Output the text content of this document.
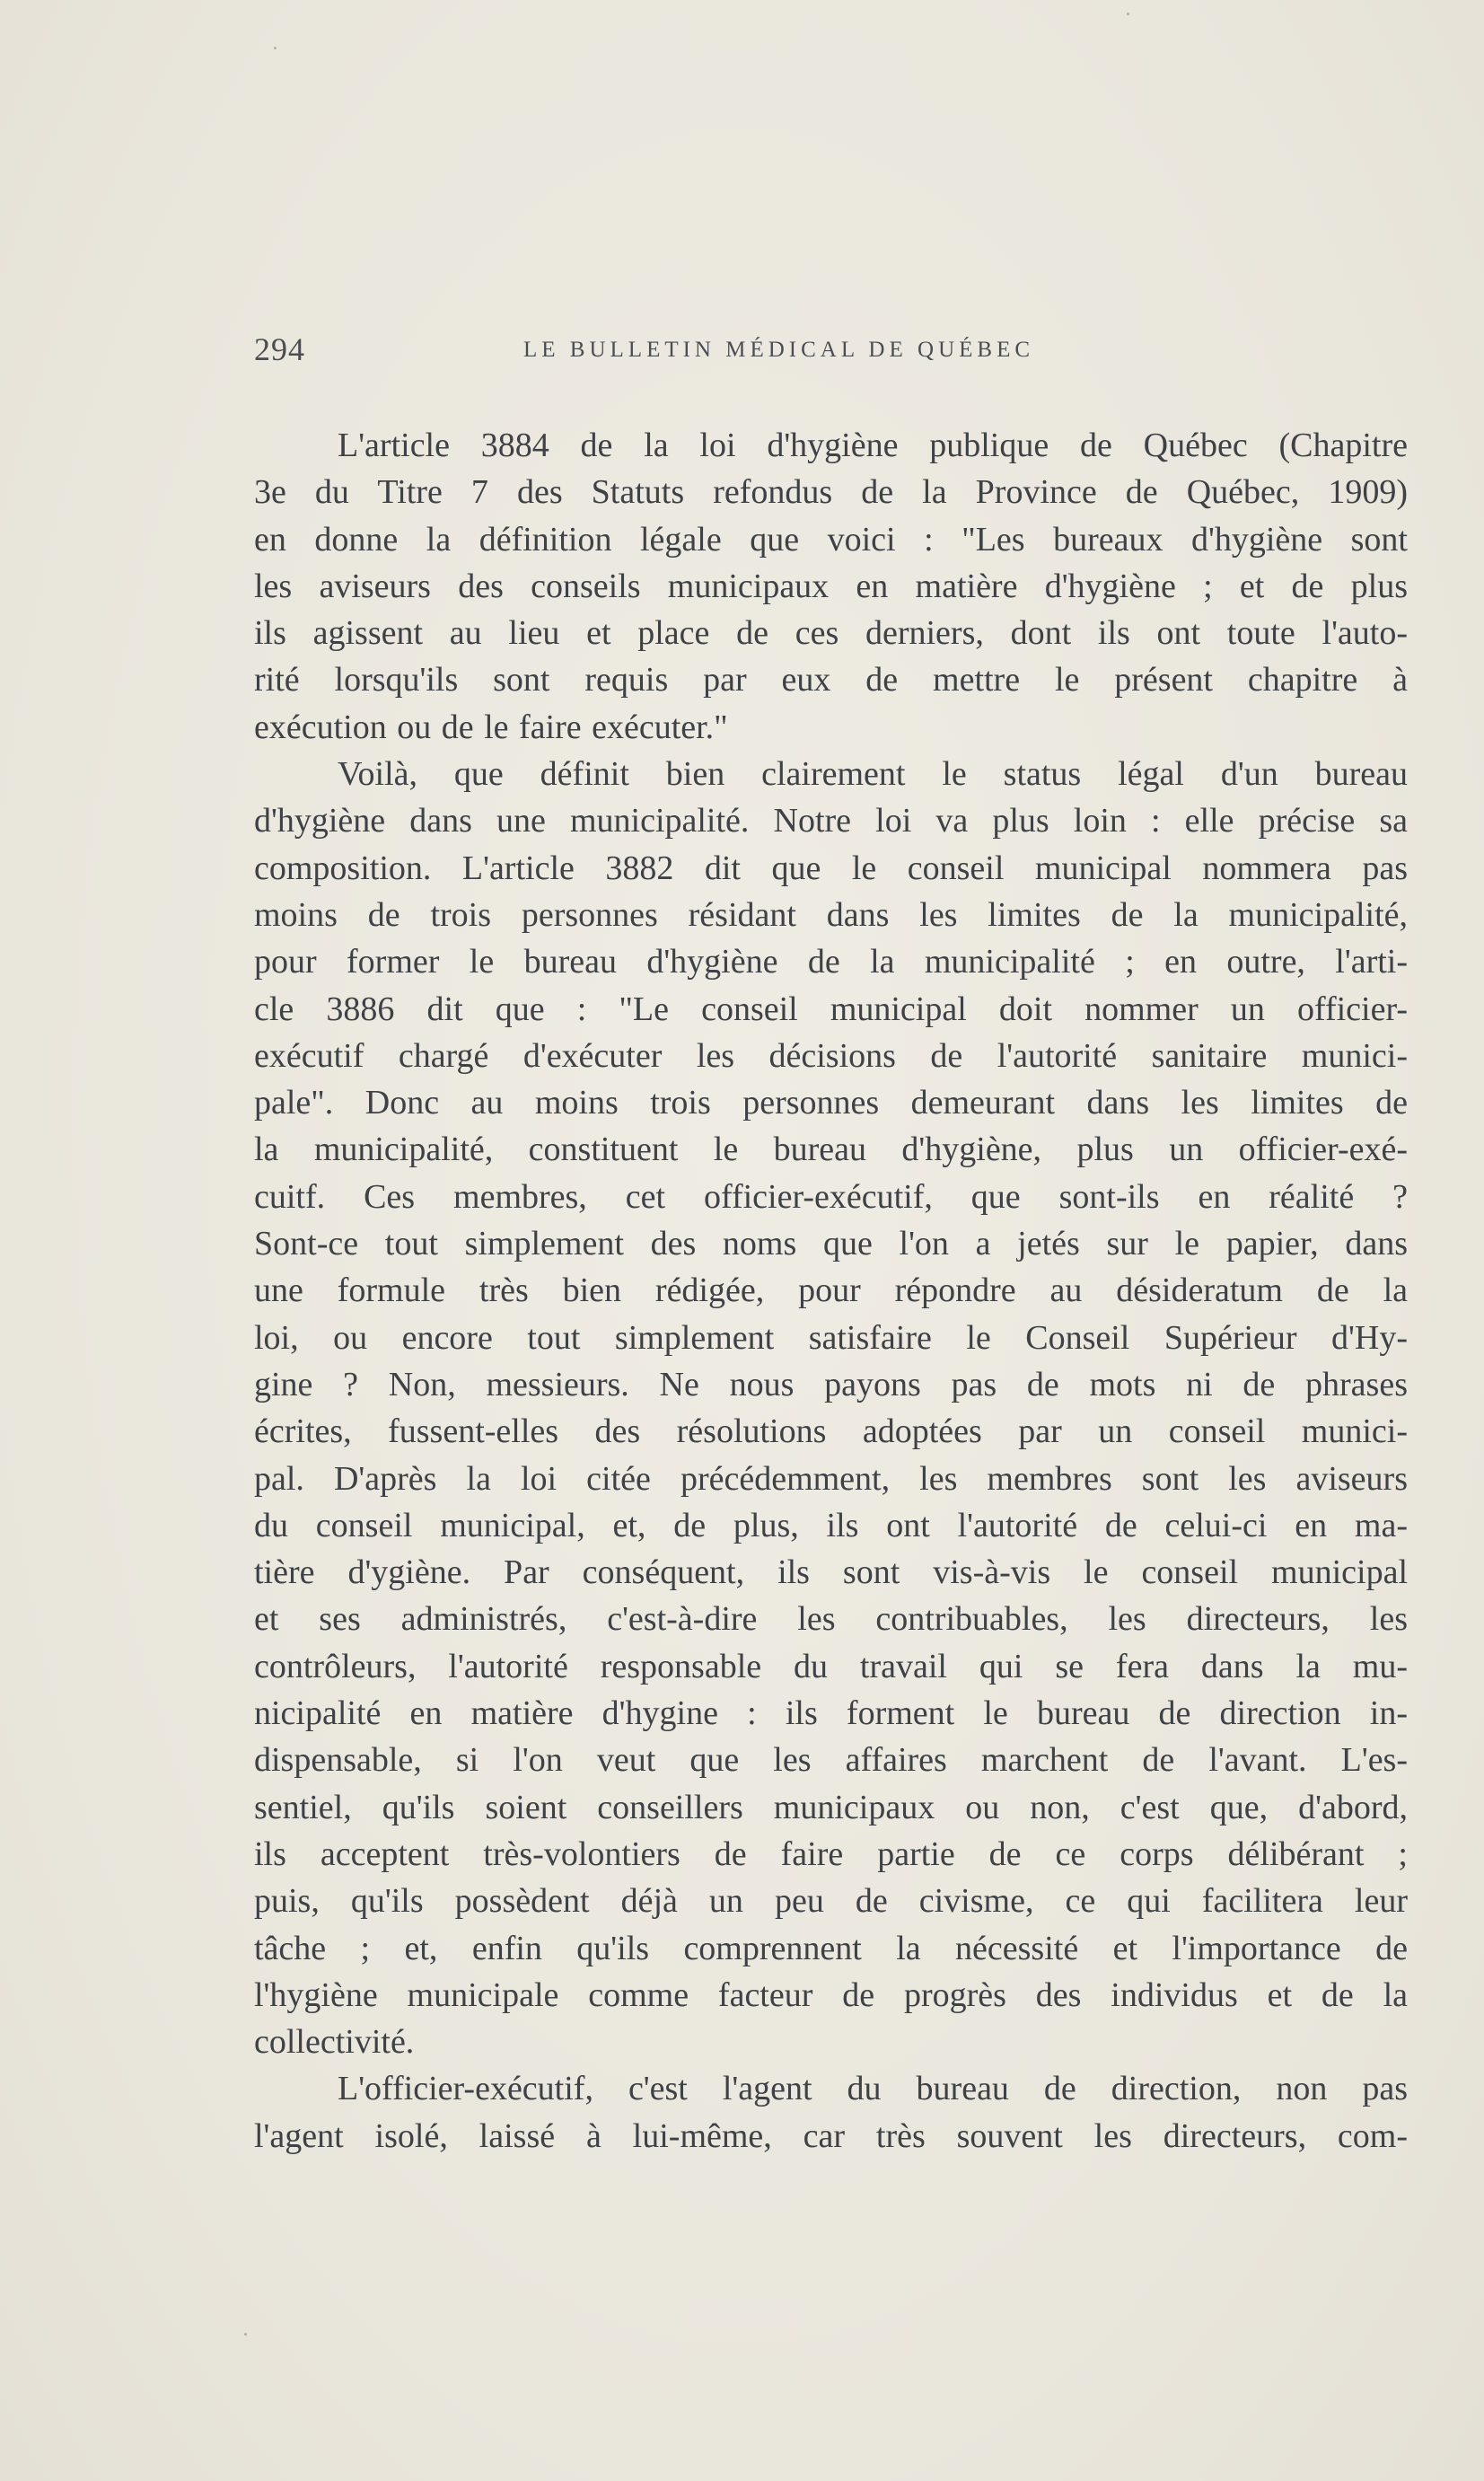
294	LE BULLETIN MÉDICAL DE QUÉBEC

L'article 3884 de la loi d'hygiène publique de Québec (Chapitre
3e du Titre 7 des Statuts refondus de la Province de Québec, 1909)
en donne la définition légale que voici : "Les bureaux d'hygiène sont
les aviseurs des conseils municipaux en matière d'hygiène ; et de plus
ils agissent au lieu et place de ces derniers, dont ils ont toute l'auto-
rité lorsqu'ils sont requis par eux de mettre le présent chapitre à
exécution ou de le faire exécuter."

Voilà, que définit bien clairement le status légal d'un bureau
d'hygiène dans une municipalité. Notre loi va plus loin : elle précise sa
composition. L'article 3882 dit que le conseil municipal nommera pas
moins de trois personnes résidant dans les limites de la municipalité,
pour former le bureau d'hygiène de la municipalité ; en outre, l'arti-
cle 3886 dit que : "Le conseil municipal doit nommer un officier-
exécutif chargé d'exécuter les décisions de l'autorité sanitaire munici-
pale". Donc au moins trois personnes demeurant dans les limites de
la municipalité, constituent le bureau d'hygiène, plus un officier-exé-
cuitf. Ces membres, cet officier-exécutif, que sont-ils en réalité ?
Sont-ce tout simplement des noms que l'on a jetés sur le papier, dans
une formule très bien rédigée, pour répondre au désideratum de la
loi, ou encore tout simplement satisfaire le Conseil Supérieur d'Hy-
gine ? Non, messieurs. Ne nous payons pas de mots ni de phrases
écrites, fussent-elles des résolutions adoptées par un conseil munici-
pal. D'après la loi citée précédemment, les membres sont les aviseurs
du conseil municipal, et, de plus, ils ont l'autorité de celui-ci en ma-
tière d'ygiène. Par conséquent, ils sont vis-à-vis le conseil municipal
et ses administrés, c'est-à-dire les contribuables, les directeurs, les
contrôleurs, l'autorité responsable du travail qui se fera dans la mu-
nicipalité en matière d'hygine : ils forment le bureau de direction in-
dispensable, si l'on veut que les affaires marchent de l'avant. L'es-
sentiel, qu'ils soient conseillers municipaux ou non, c'est que, d'abord,
ils acceptent très-volontiers de faire partie de ce corps délibérant ;
puis, qu'ils possèdent déjà un peu de civisme, ce qui facilitera leur
tâche ; et, enfin qu'ils comprennent la nécessité et l'importance de
l'hygiène municipale comme facteur de progrès des individus et de la
collectivité.

L'officier-exécutif, c'est l'agent du bureau de direction, non pas
l'agent isolé, laissé à lui-même, car très souvent les directeurs, com-
